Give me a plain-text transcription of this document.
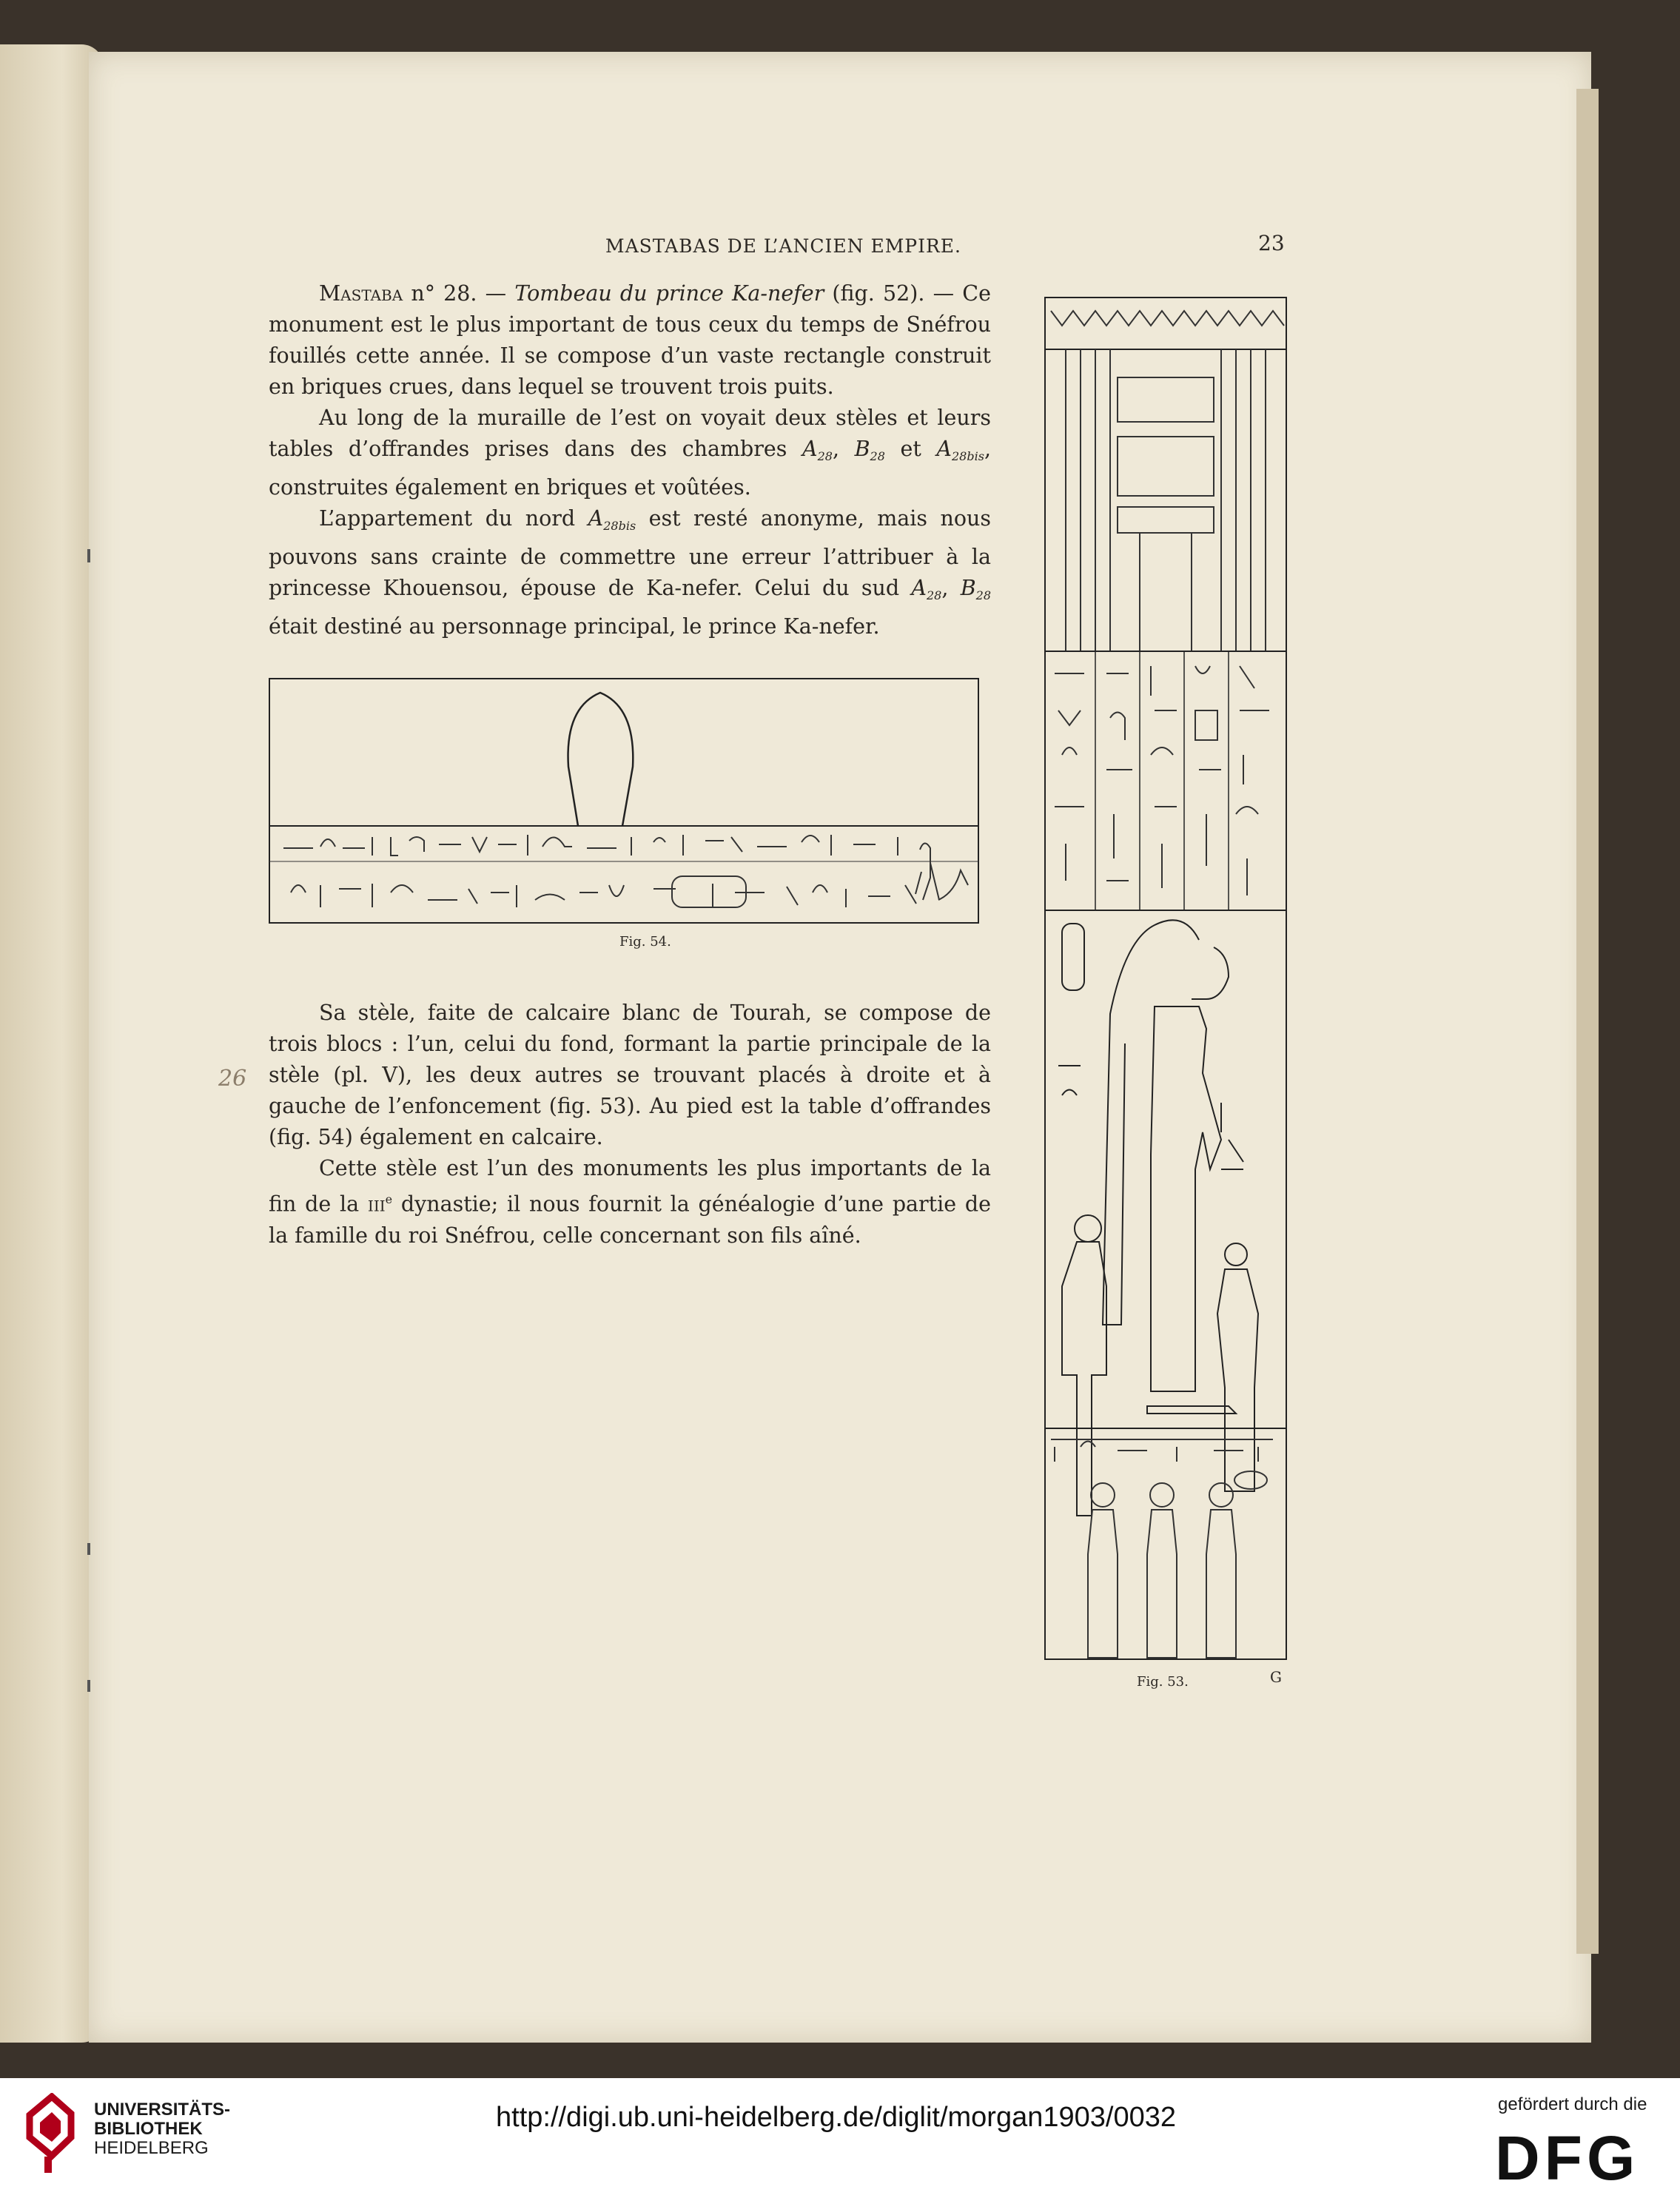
MASTABAS DE L’ANCIEN EMPIRE.	23

Mastaba n° 28. — Tombeau du prince Ka-nefer (fig. 52). — Ce monument est le plus important de tous ceux du temps de Snéfrou fouillés cette année. Il se compose d’un vaste rectangle construit en briques crues, dans lequel se trouvent trois puits.

Au long de la muraille de l’est on voyait deux stèles et leurs tables d’offrandes prises dans des chambres $A_{28}$, $B_{28}$ et $A_{28bis}$, construites également en briques et voûtées.

L’appartement du nord $A_{28bis}$ est resté anonyme, mais nous pouvons sans crainte de commettre une erreur l’attribuer à la princesse Khouensou, épouse de Ka-nefer. Celui du sud $A_{28}$, $B_{28}$ était destiné au personnage principal, le prince Ka-nefer.

Fig. 54.

Sa stèle, faite de calcaire blanc de Tourah, se compose de trois blocs : l’un, celui du fond, formant la partie principale de la stèle (pl. V), les deux autres se trouvant placés à droite et à gauche de l’enfoncement (fig. 53). Au pied est la table d’offrandes (fig. 54) également en calcaire.

Cette stèle est l’un des monuments les plus importants de la fin de la iii$^e$ dynastie; il nous fournit la généalogie d’une partie de la famille du roi Snéfrou, celle concernant son fils aîné.

26
Fig. 53.	G
UNIVERSITÄTS-
BIBLIOTHEK
HEIDELBERG
http://digi.ub.uni-heidelberg.de/diglit/morgan1903/0032	gefördert durch die
DFG
